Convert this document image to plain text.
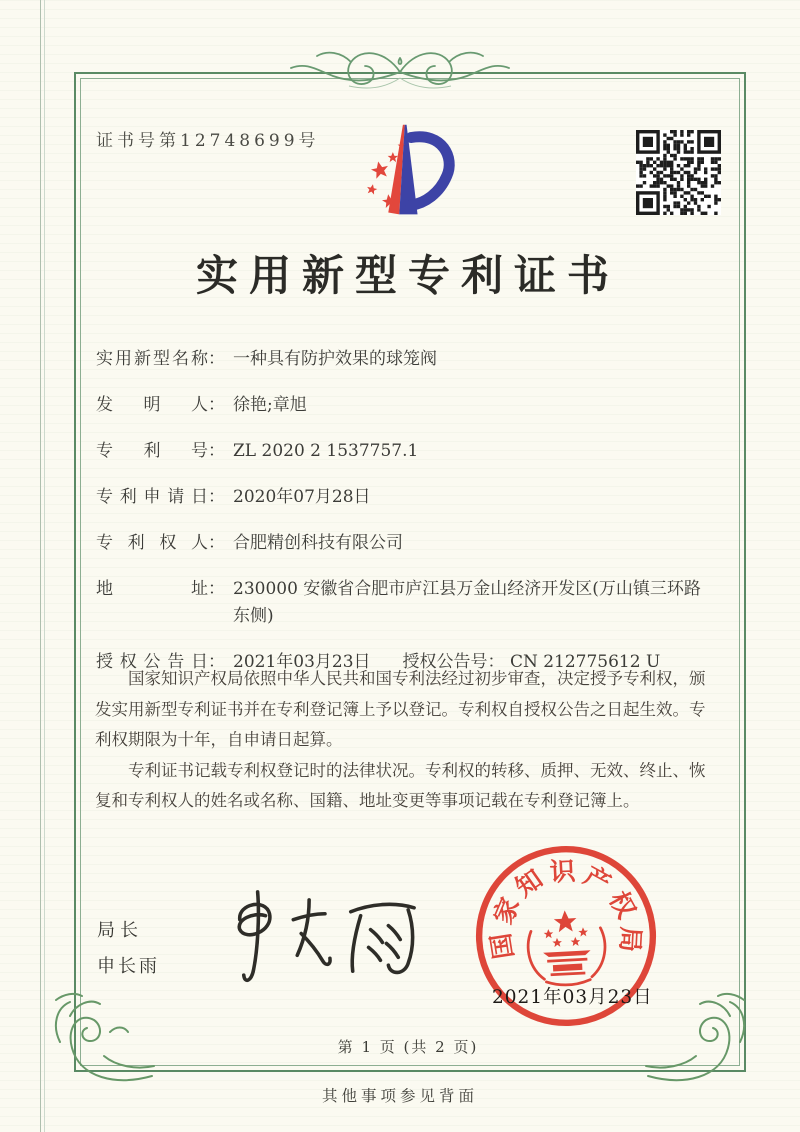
证书号第12748699号
实用新型专利证书
实用新型名称： 一种具有防护效果的球笼阀
发明人： 徐艳;章旭
专利号： ZL 2020 2 1537757.1
专利申请日： 2020年07月28日
专利权人： 合肥精创科技有限公司
地址： 230000 安徽省合肥市庐江县万金山经济开发区(万山镇三环路东侧)
授权公告日： 2021年03月23日 授权公告号： CN 212775612 U

国家知识产权局依照中华人民共和国专利法经过初步审查，决定授予专利权，颁发实用新型专利证书并在专利登记簿上予以登记。专利权自授权公告之日起生效。专利权期限为十年，自申请日起算。

专利证书记载专利权登记时的法律状况。专利权的转移、质押、无效、终止、恢复和专利权人的姓名或名称、国籍、地址变更等事项记载在专利登记簿上。

局长
申长雨
国
家
知 识 产
权
局
2021年03月23日
第 1 页 (共 2 页)
其他事项参见背面
